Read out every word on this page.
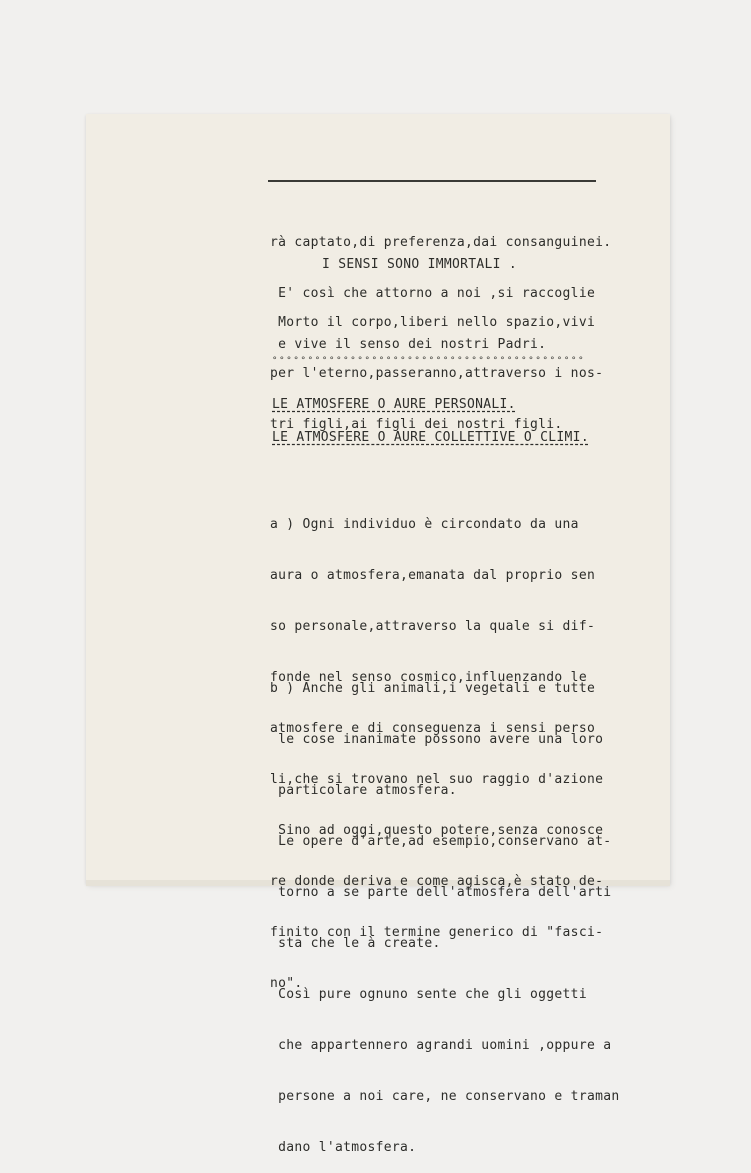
rà captato,di preferenza,dai consanguinei.

E' così che attorno a noi ,si raccoglie

e vive il senso dei nostri Padri.

I SENSI SONO IMMORTALI .

Morto il corpo,liberi nello spazio,vivi

per l'eterno,passeranno,attraverso i nos-

tri figli,ai figli dei nostri figli.

°°°°°°°°°°°°°°°°°°°°°°°°°°°°°°°°°°°°°°°°°°°°
LE ATMOSFERE O AURE PERSONALI.
LE ATMOSFERE O AURE COLLETTIVE O CLIMI.

a ) Ogni individuo è circondato da una

aura o atmosfera,emanata dal proprio sen

so personale,attraverso la quale si dif-

fonde nel senso cosmico,influenzando le

atmosfere e di conseguenza i sensi perso

li,che si trovano nel suo raggio d'azione

Sino ad oggi,questo potere,senza conosce

re donde deriva e come agisca,è stato de-

finito con il termine generico di "fasci-

no".

b ) Anche gli animali,i vegetali e tutte

le cose inanimate possono avere una loro

particolare atmosfera.

Le opere d'arte,ad esempio,conservano at-

torno a se parte dell'atmosfera dell'arti

sta che le à create.

Così pure ognuno sente che gli oggetti

che appartennero agrandi uomini ,oppure a

persone a noi care, ne conservano e traman

dano l'atmosfera.
